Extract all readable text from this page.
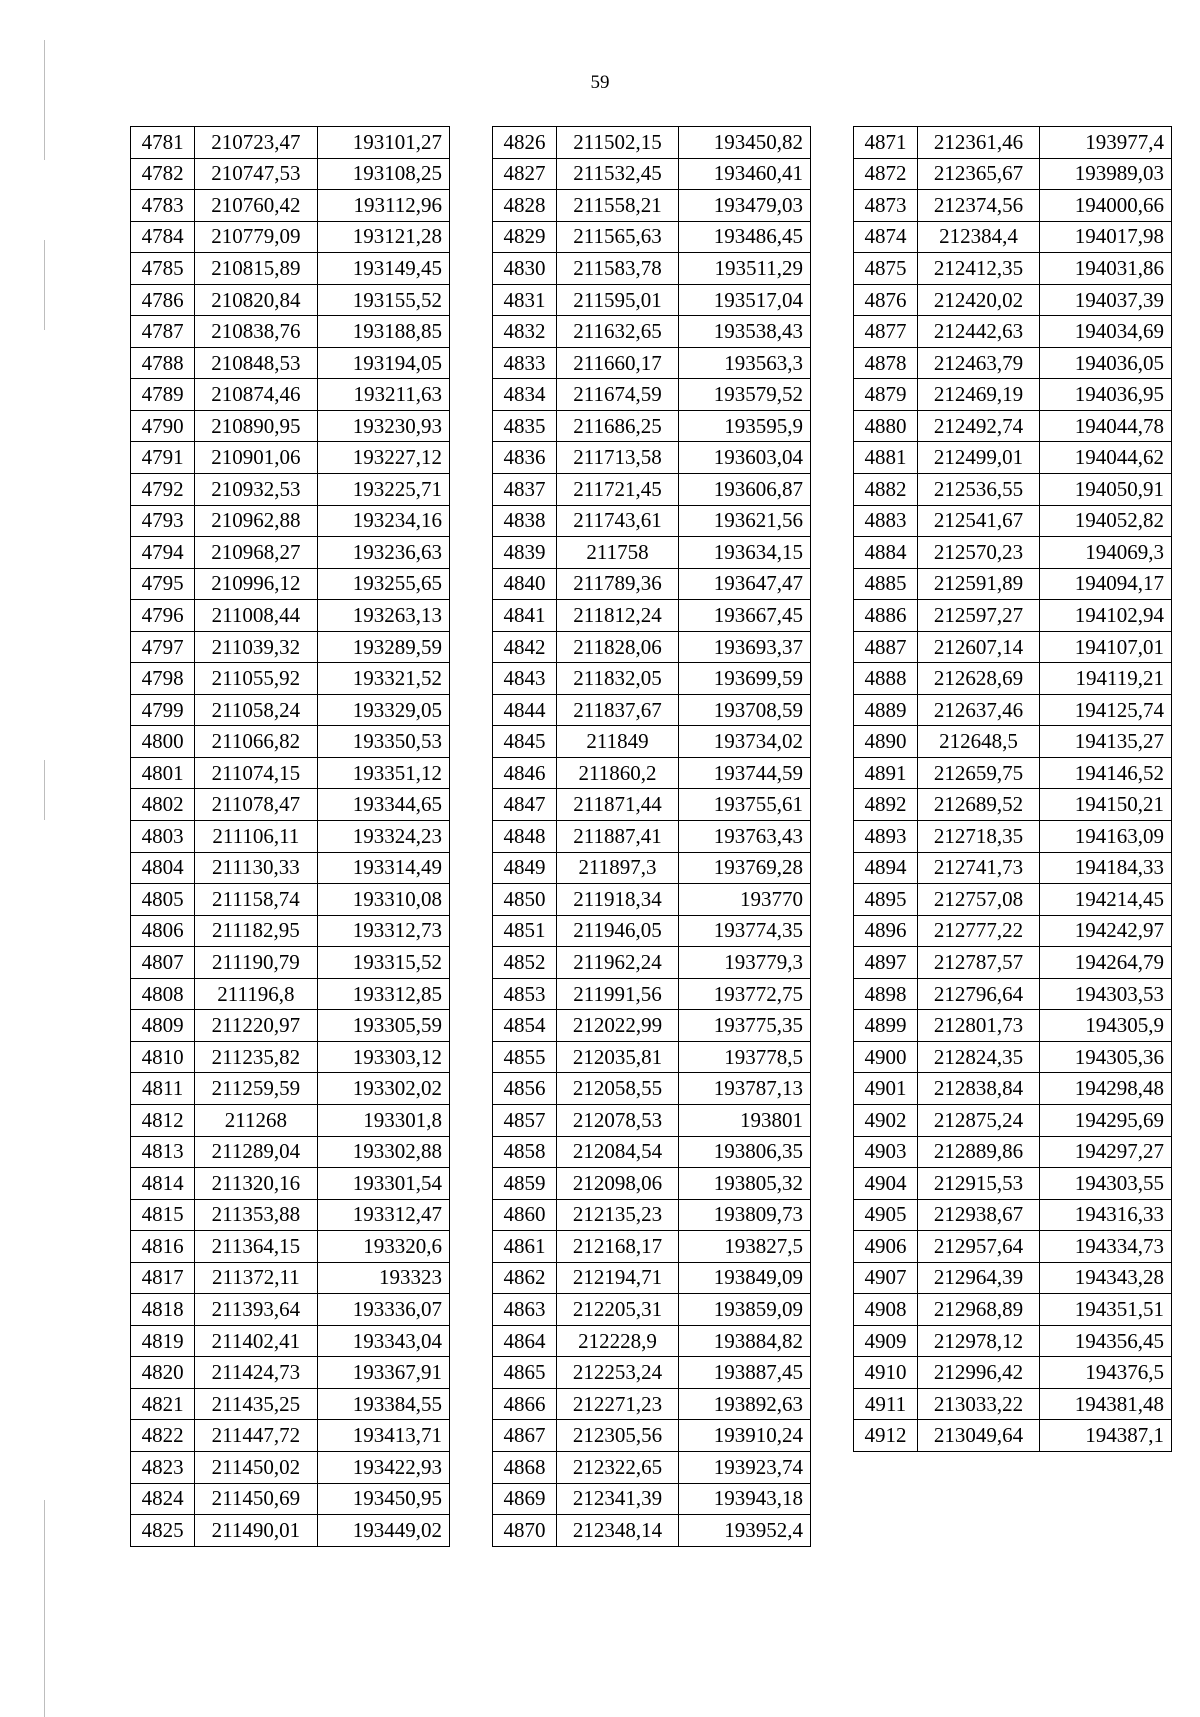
59
4781	210723,47	193101,27
4782	210747,53	193108,25
4783	210760,42	193112,96
4784	210779,09	193121,28
4785	210815,89	193149,45
4786	210820,84	193155,52
4787	210838,76	193188,85
4788	210848,53	193194,05
4789	210874,46	193211,63
4790	210890,95	193230,93
4791	210901,06	193227,12
4792	210932,53	193225,71
4793	210962,88	193234,16
4794	210968,27	193236,63
4795	210996,12	193255,65
4796	211008,44	193263,13
4797	211039,32	193289,59
4798	211055,92	193321,52
4799	211058,24	193329,05
4800	211066,82	193350,53
4801	211074,15	193351,12
4802	211078,47	193344,65
4803	211106,11	193324,23
4804	211130,33	193314,49
4805	211158,74	193310,08
4806	211182,95	193312,73
4807	211190,79	193315,52
4808	211196,8	193312,85
4809	211220,97	193305,59
4810	211235,82	193303,12
4811	211259,59	193302,02
4812	211268	193301,8
4813	211289,04	193302,88
4814	211320,16	193301,54
4815	211353,88	193312,47
4816	211364,15	193320,6
4817	211372,11	193323
4818	211393,64	193336,07
4819	211402,41	193343,04
4820	211424,73	193367,91
4821	211435,25	193384,55
4822	211447,72	193413,71
4823	211450,02	193422,93
4824	211450,69	193450,95
4825	211490,01	193449,02
4826	211502,15	193450,82
4827	211532,45	193460,41
4828	211558,21	193479,03
4829	211565,63	193486,45
4830	211583,78	193511,29
4831	211595,01	193517,04
4832	211632,65	193538,43
4833	211660,17	193563,3
4834	211674,59	193579,52
4835	211686,25	193595,9
4836	211713,58	193603,04
4837	211721,45	193606,87
4838	211743,61	193621,56
4839	211758	193634,15
4840	211789,36	193647,47
4841	211812,24	193667,45
4842	211828,06	193693,37
4843	211832,05	193699,59
4844	211837,67	193708,59
4845	211849	193734,02
4846	211860,2	193744,59
4847	211871,44	193755,61
4848	211887,41	193763,43
4849	211897,3	193769,28
4850	211918,34	193770
4851	211946,05	193774,35
4852	211962,24	193779,3
4853	211991,56	193772,75
4854	212022,99	193775,35
4855	212035,81	193778,5
4856	212058,55	193787,13
4857	212078,53	193801
4858	212084,54	193806,35
4859	212098,06	193805,32
4860	212135,23	193809,73
4861	212168,17	193827,5
4862	212194,71	193849,09
4863	212205,31	193859,09
4864	212228,9	193884,82
4865	212253,24	193887,45
4866	212271,23	193892,63
4867	212305,56	193910,24
4868	212322,65	193923,74
4869	212341,39	193943,18
4870	212348,14	193952,4
4871	212361,46	193977,4
4872	212365,67	193989,03
4873	212374,56	194000,66
4874	212384,4	194017,98
4875	212412,35	194031,86
4876	212420,02	194037,39
4877	212442,63	194034,69
4878	212463,79	194036,05
4879	212469,19	194036,95
4880	212492,74	194044,78
4881	212499,01	194044,62
4882	212536,55	194050,91
4883	212541,67	194052,82
4884	212570,23	194069,3
4885	212591,89	194094,17
4886	212597,27	194102,94
4887	212607,14	194107,01
4888	212628,69	194119,21
4889	212637,46	194125,74
4890	212648,5	194135,27
4891	212659,75	194146,52
4892	212689,52	194150,21
4893	212718,35	194163,09
4894	212741,73	194184,33
4895	212757,08	194214,45
4896	212777,22	194242,97
4897	212787,57	194264,79
4898	212796,64	194303,53
4899	212801,73	194305,9
4900	212824,35	194305,36
4901	212838,84	194298,48
4902	212875,24	194295,69
4903	212889,86	194297,27
4904	212915,53	194303,55
4905	212938,67	194316,33
4906	212957,64	194334,73
4907	212964,39	194343,28
4908	212968,89	194351,51
4909	212978,12	194356,45
4910	212996,42	194376,5
4911	213033,22	194381,48
4912	213049,64	194387,1
